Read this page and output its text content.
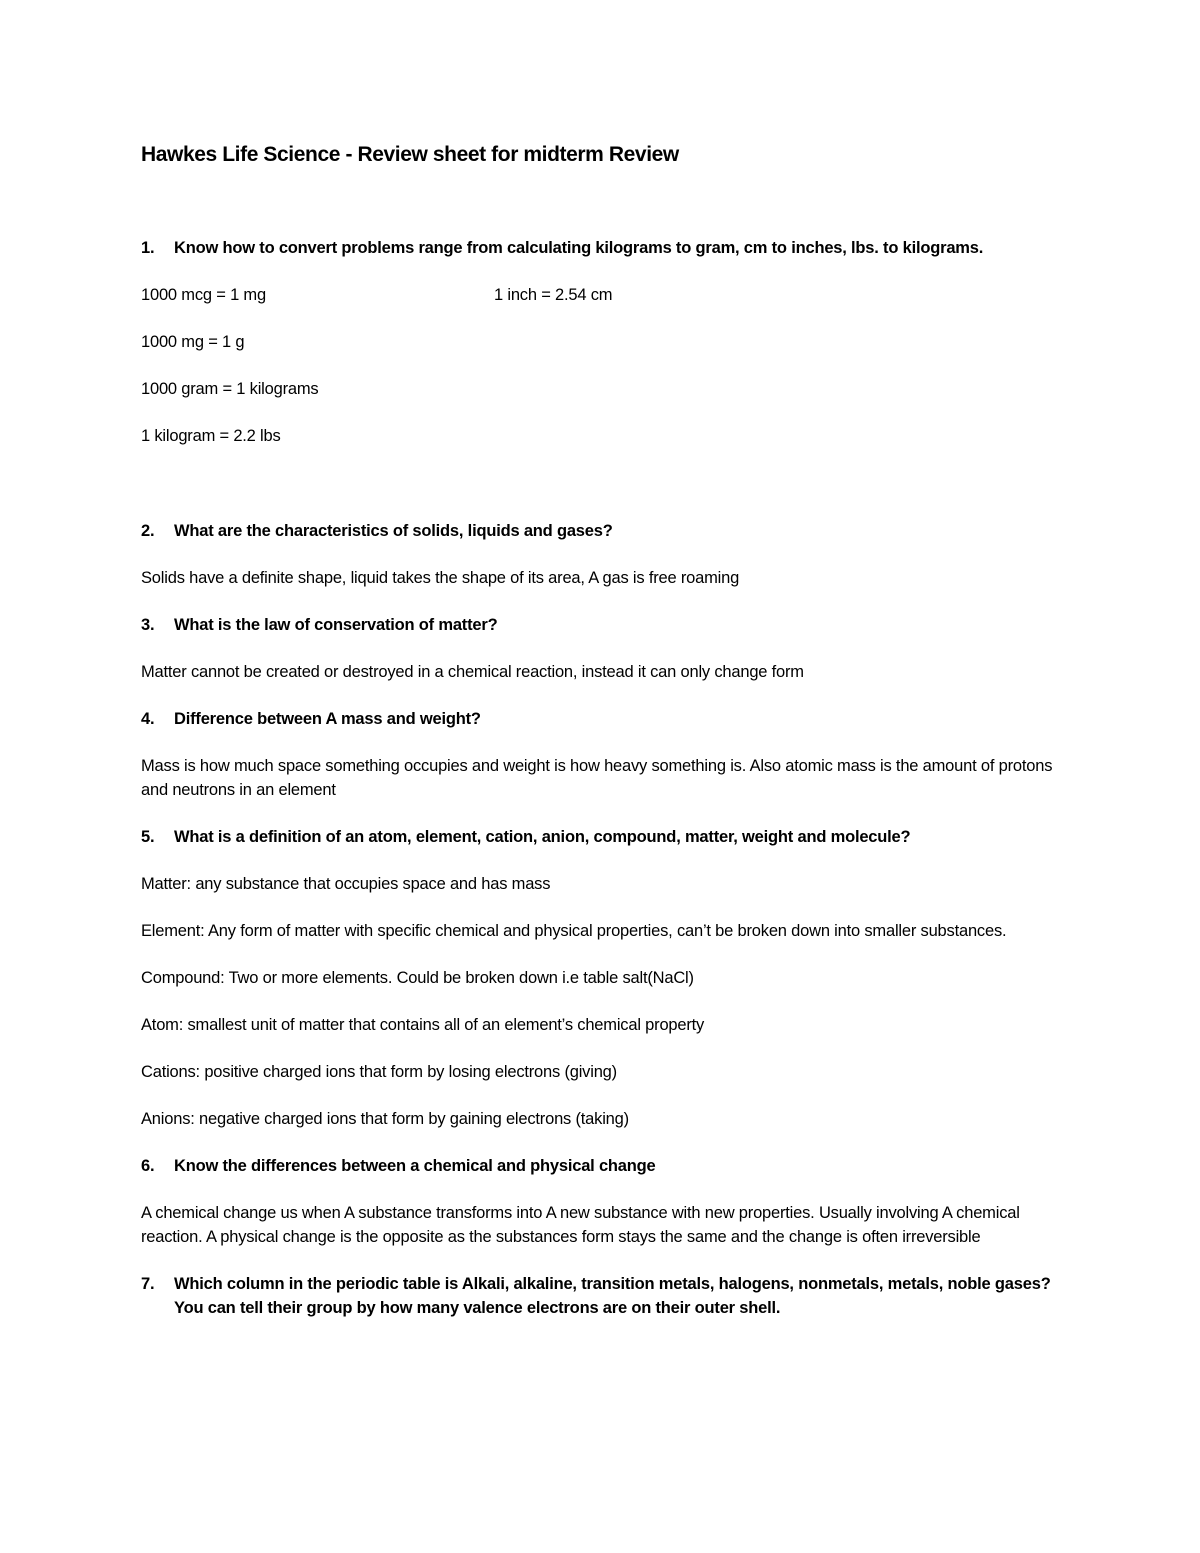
Hawkes Life Science - Review sheet for midterm Review
1.	Know how to convert problems range from calculating kilograms to gram, cm to inches, lbs. to kilograms.
1000 mcg = 1 mg	1 inch = 2.54 cm
1000 mg = 1 g
1000 gram = 1 kilograms
1 kilogram = 2.2 lbs
2.	What are the characteristics of solids, liquids and gases?
Solids have a definite shape, liquid takes the shape of its area, A gas is free roaming
3.	What is the law of conservation of matter?
Matter cannot be created or destroyed in a chemical reaction, instead it can only change form
4.	Difference between A mass and weight?
Mass is how much space something occupies and weight is how heavy something is. Also atomic mass is the amount of protons and neutrons in an element
5.	What is a definition of an atom, element, cation, anion, compound, matter, weight and molecule?
Matter: any substance that occupies space and has mass
Element: Any form of matter with specific chemical and physical properties, can’t be broken down into smaller substances.
Compound: Two or more elements. Could be broken down i.e table salt(NaCl)
Atom: smallest unit of matter that contains all of an element’s chemical property
Cations: positive charged ions that form by losing electrons (giving)
Anions: negative charged ions that form by gaining electrons (taking)
6.	Know the differences between a chemical and physical change
A chemical change us when A substance transforms into A new substance with new properties. Usually involving A chemical reaction. A physical change is the opposite as the substances form stays the same and the change is often irreversible
7.	Which column in the periodic table is Alkali, alkaline, transition metals, halogens, nonmetals, metals, noble gases? You can tell their group by how many valence electrons are on their outer shell.
